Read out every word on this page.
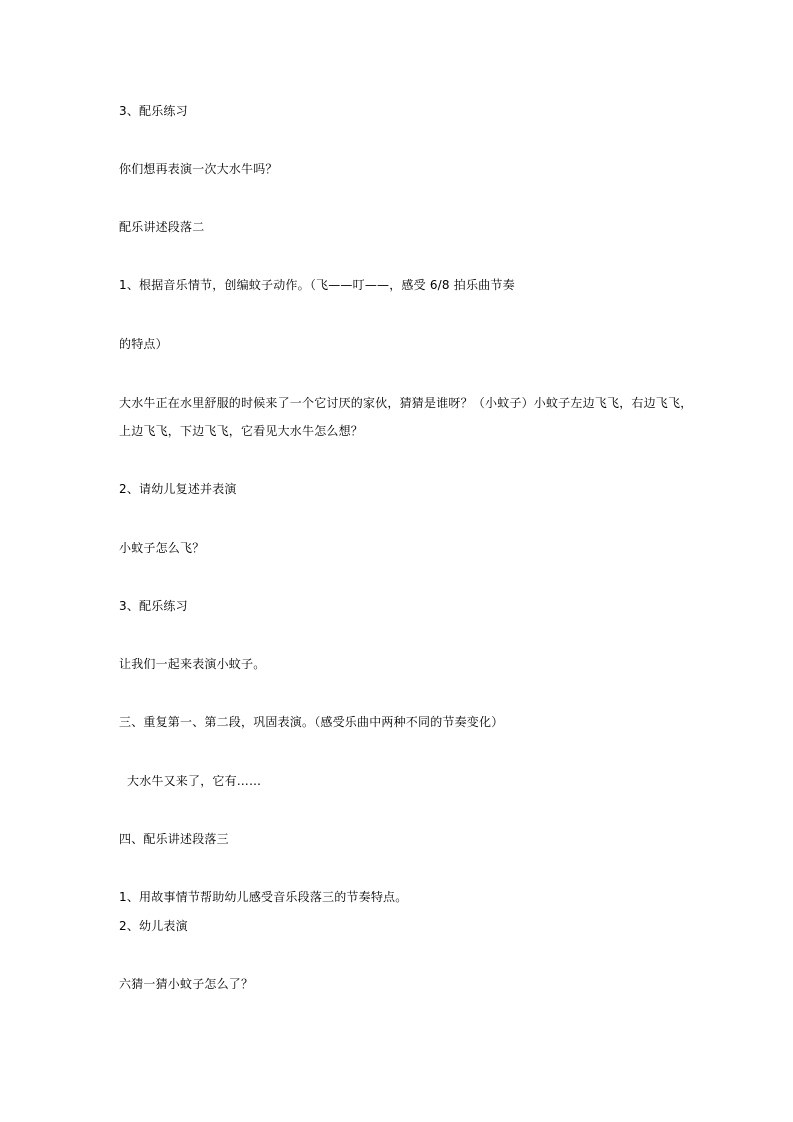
3、配乐练习
你们想再表演一次大水牛吗？
配乐讲述段落二
1、根据音乐情节，创编蚊子动作。（飞——叮——，感受 6/8 拍乐曲节奏
的特点）
大水牛正在水里舒服的时候来了一个它讨厌的家伙，猜猜是谁呀？（小蚊子）小蚊子左边飞飞，右边飞飞，
上边飞飞，下边飞飞，它看见大水牛怎么想？
2、请幼儿复述并表演
小蚊子怎么飞？
3、配乐练习
让我们一起来表演小蚊子。
三、重复第一、第二段，巩固表演。（感受乐曲中两种不同的节奏变化）
大水牛又来了，它有……
四、配乐讲述段落三
1、用故事情节帮助幼儿感受音乐段落三的节奏特点。
2、幼儿表演
六猜一猜小蚊子怎么了？
